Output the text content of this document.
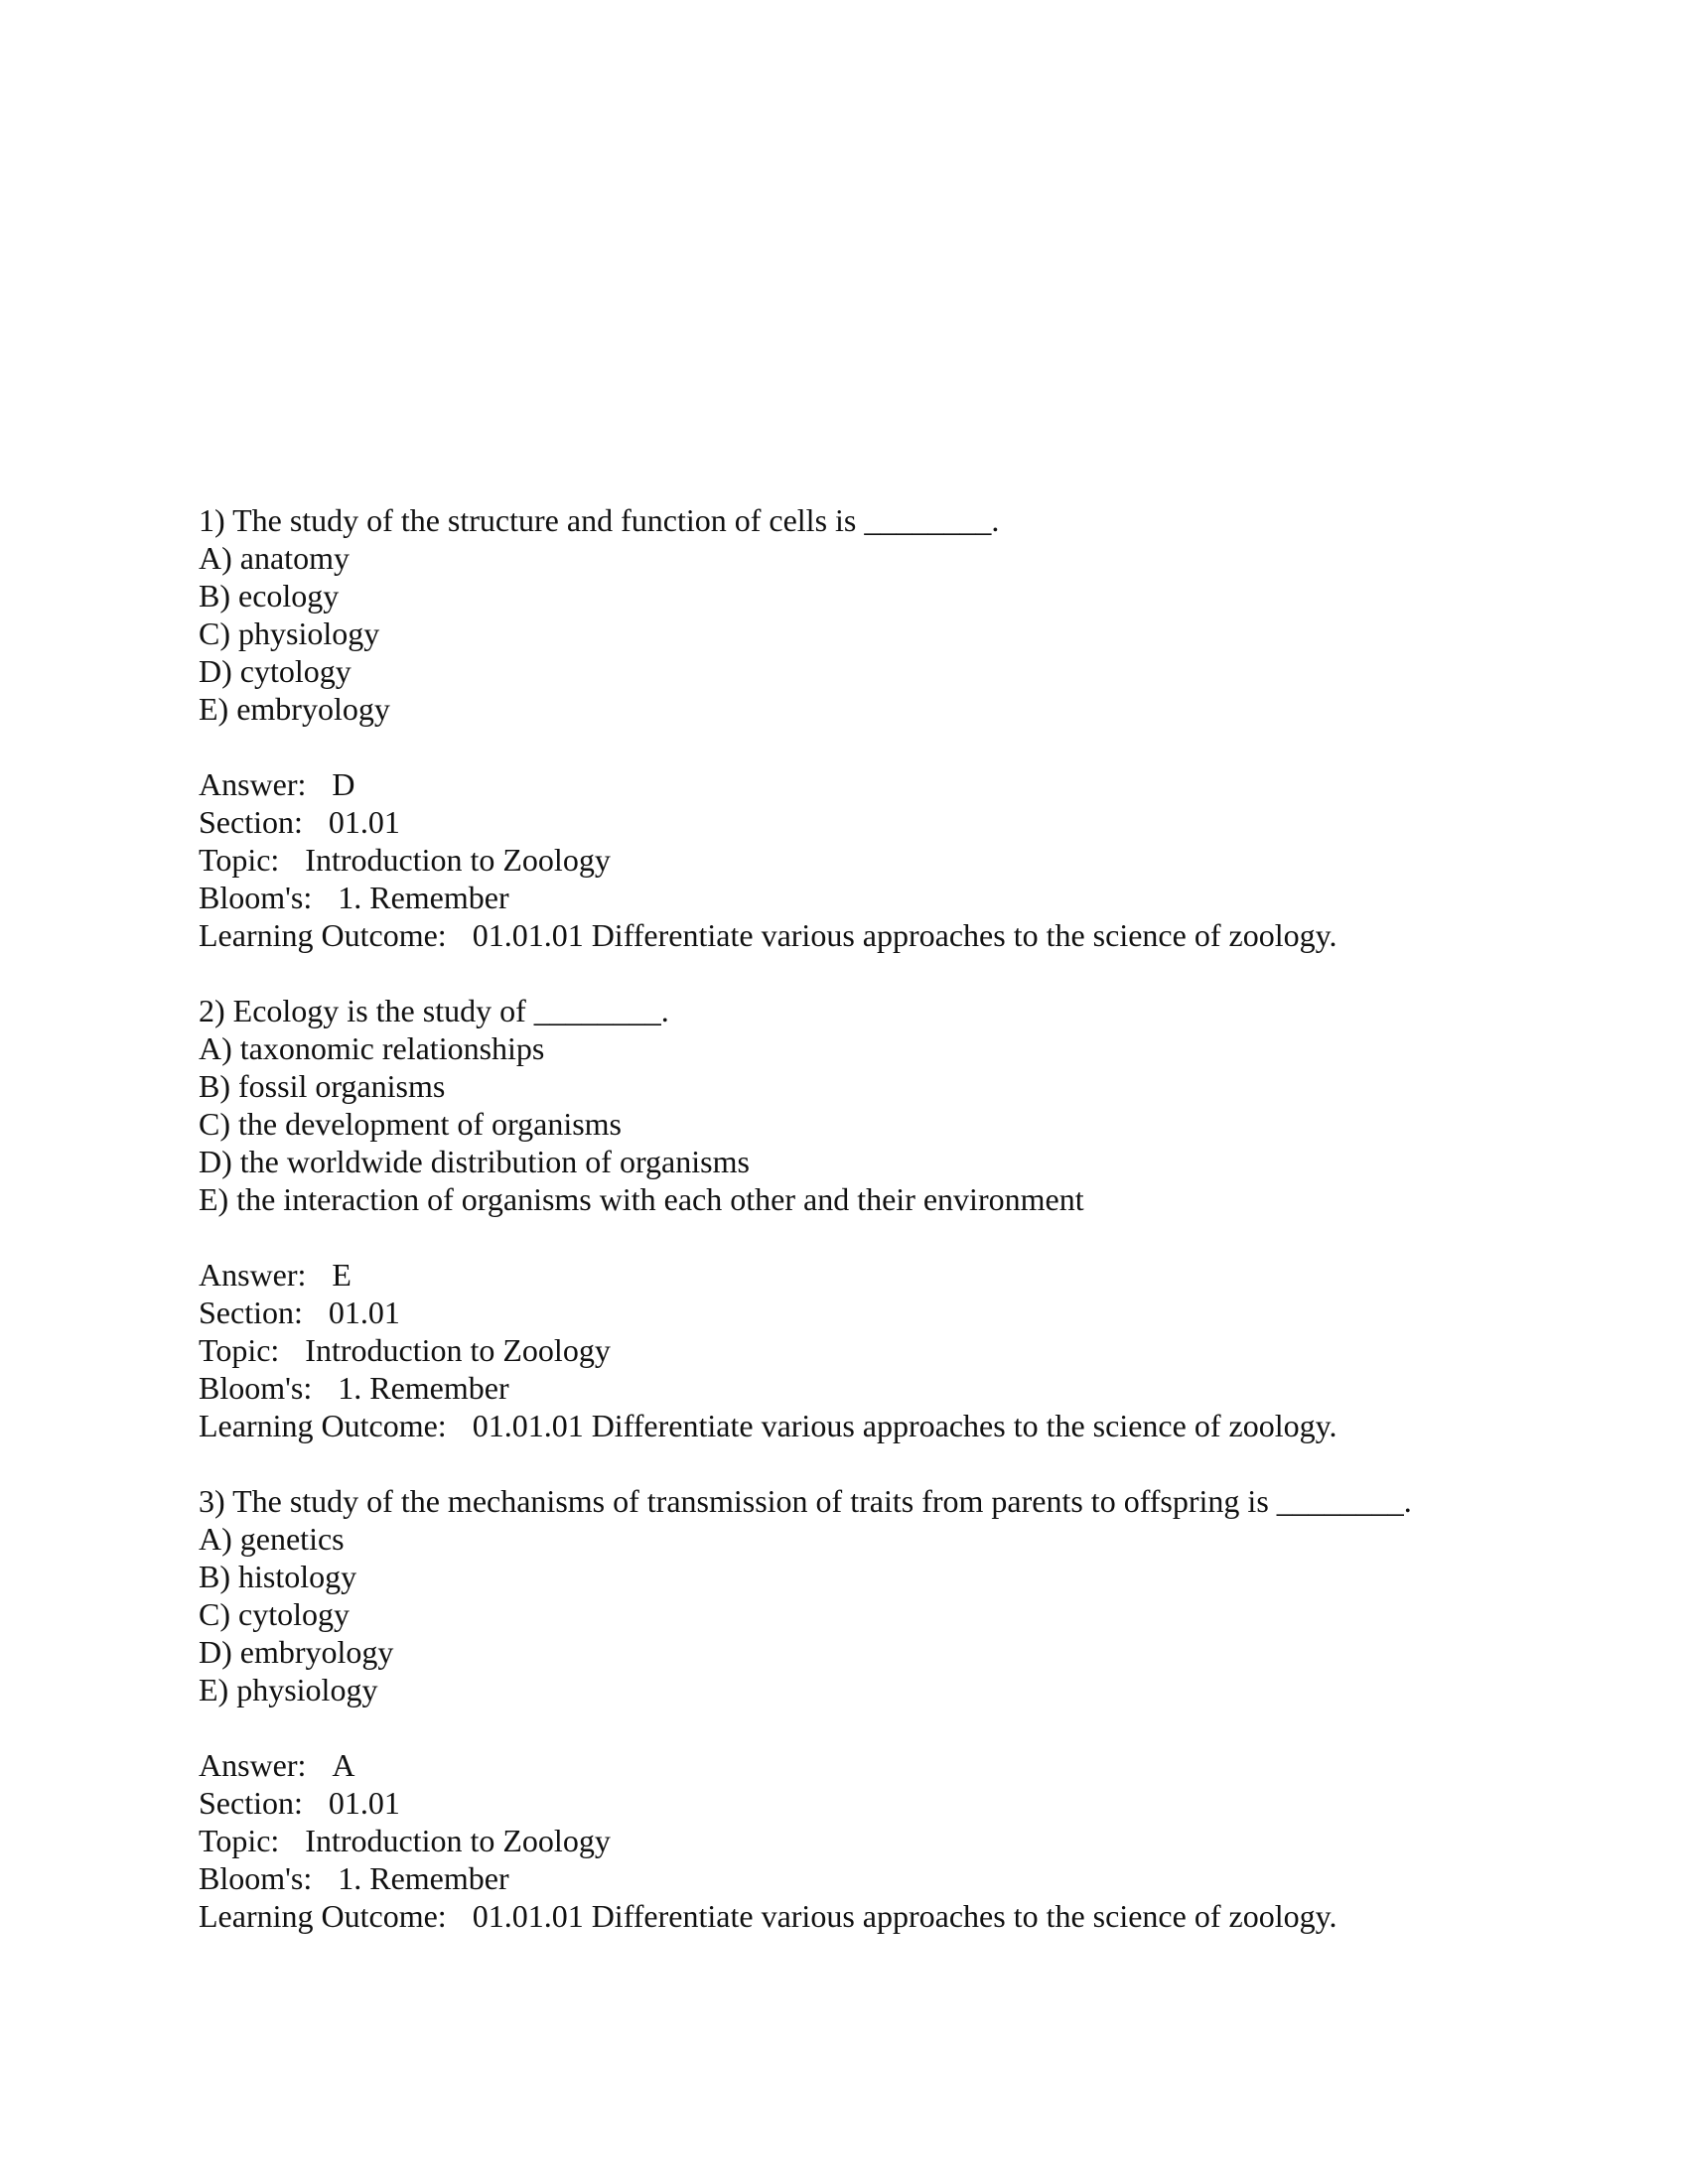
1) The study of the structure and function of cells is ________.
A) anatomy
B) ecology
C) physiology
D) cytology
E) embryology
Answer: D
Section: 01.01
Topic: Introduction to Zoology
Bloom's: 1. Remember
Learning Outcome: 01.01.01 Differentiate various approaches to the science of zoology.
2) Ecology is the study of ________.
A) taxonomic relationships
B) fossil organisms
C) the development of organisms
D) the worldwide distribution of organisms
E) the interaction of organisms with each other and their environment
Answer: E
Section: 01.01
Topic: Introduction to Zoology
Bloom's: 1. Remember
Learning Outcome: 01.01.01 Differentiate various approaches to the science of zoology.
3) The study of the mechanisms of transmission of traits from parents to offspring is ________.
A) genetics
B) histology
C) cytology
D) embryology
E) physiology
Answer: A
Section: 01.01
Topic: Introduction to Zoology
Bloom's: 1. Remember
Learning Outcome: 01.01.01 Differentiate various approaches to the science of zoology.
